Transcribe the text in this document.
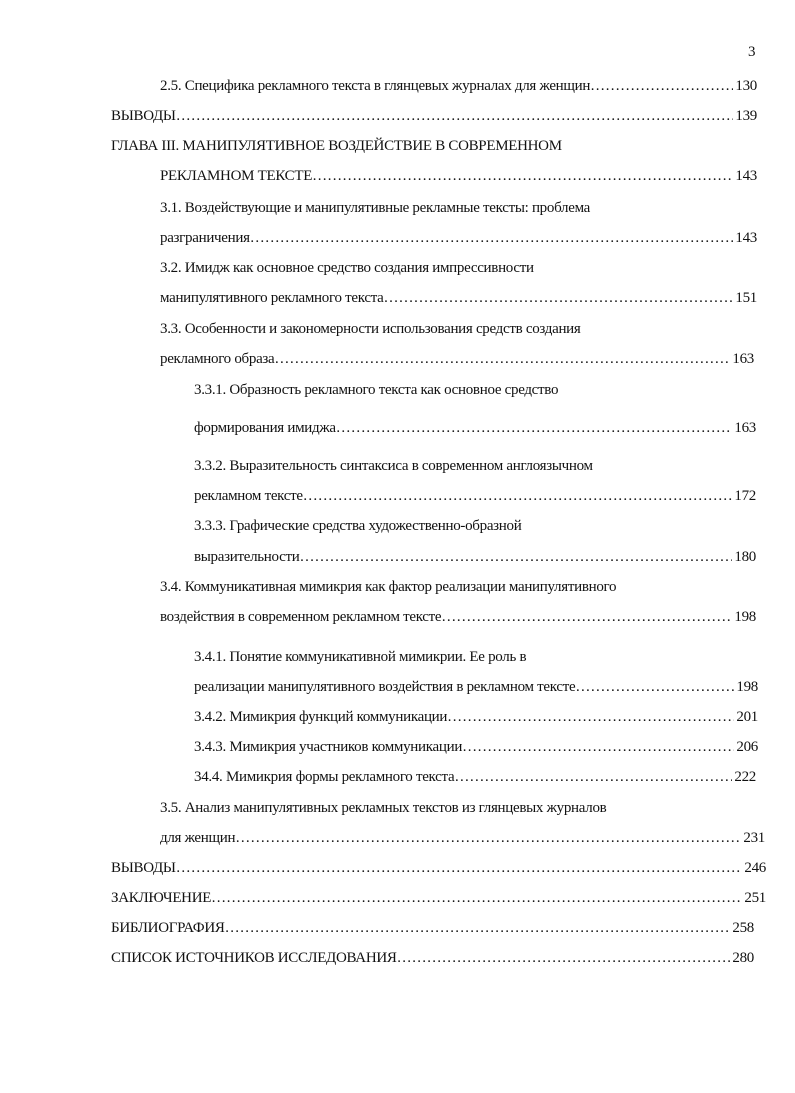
3
2.5. Специфика рекламного текста в глянцевых журналах для женщин ……………………………………………………………………………………………………………………………………………………………………………………	130
ВЫВОДЫ ……………………………………………………………………………………………………………………………………………………………………………………	139
ГЛАВА III. МАНИПУЛЯТИВНОЕ ВОЗДЕЙСТВИЕ В СОВРЕМЕННОМ
РЕКЛАМНОМ ТЕКСТЕ ……………………………………………………………………………………………………………………………………………………………………………………	143
3.1. Воздействующие и манипулятивные рекламные тексты: проблема
разграничения ……………………………………………………………………………………………………………………………………………………………………………………	143
3.2. Имидж как основное средство создания импрессивности
манипулятивного рекламного текста ……………………………………………………………………………………………………………………………………………………………………………………	151
3.3. Особенности и закономерности использования средств создания
рекламного образа ……………………………………………………………………………………………………………………………………………………………………………………	163
3.3.1. Образность рекламного текста как основное средство
формирования имиджа ……………………………………………………………………………………………………………………………………………………………………………………	163
3.3.2. Выразительность синтаксиса в современном англоязычном
рекламном тексте ……………………………………………………………………………………………………………………………………………………………………………………	172
3.3.3. Графические средства художественно-образной
выразительности ……………………………………………………………………………………………………………………………………………………………………………………	180
3.4. Коммуникативная мимикрия как фактор реализации манипулятивного
воздействия в современном рекламном тексте ……………………………………………………………………………………………………………………………………………………………………………………	198
3.4.1. Понятие коммуникативной мимикрии. Ее роль в
реализации манипулятивного воздействия в рекламном тексте ……………………………………………………………………………………………………………………………………………………………………………………	198
3.4.2. Мимикрия функций коммуникации ……………………………………………………………………………………………………………………………………………………………………………………	201
3.4.3. Мимикрия участников коммуникации ……………………………………………………………………………………………………………………………………………………………………………………	206
34.4. Мимикрия формы рекламного текста ……………………………………………………………………………………………………………………………………………………………………………………	222
3.5. Анализ манипулятивных рекламных текстов из глянцевых журналов
для женщин ……………………………………………………………………………………………………………………………………………………………………………………	231
ВЫВОДЫ ……………………………………………………………………………………………………………………………………………………………………………………	246
ЗАКЛЮЧЕНИЕ ……………………………………………………………………………………………………………………………………………………………………………………	251
БИБЛИОГРАФИЯ ……………………………………………………………………………………………………………………………………………………………………………………	258
СПИСОК ИСТОЧНИКОВ ИССЛЕДОВАНИЯ ……………………………………………………………………………………………………………………………………………………………………………………	280
